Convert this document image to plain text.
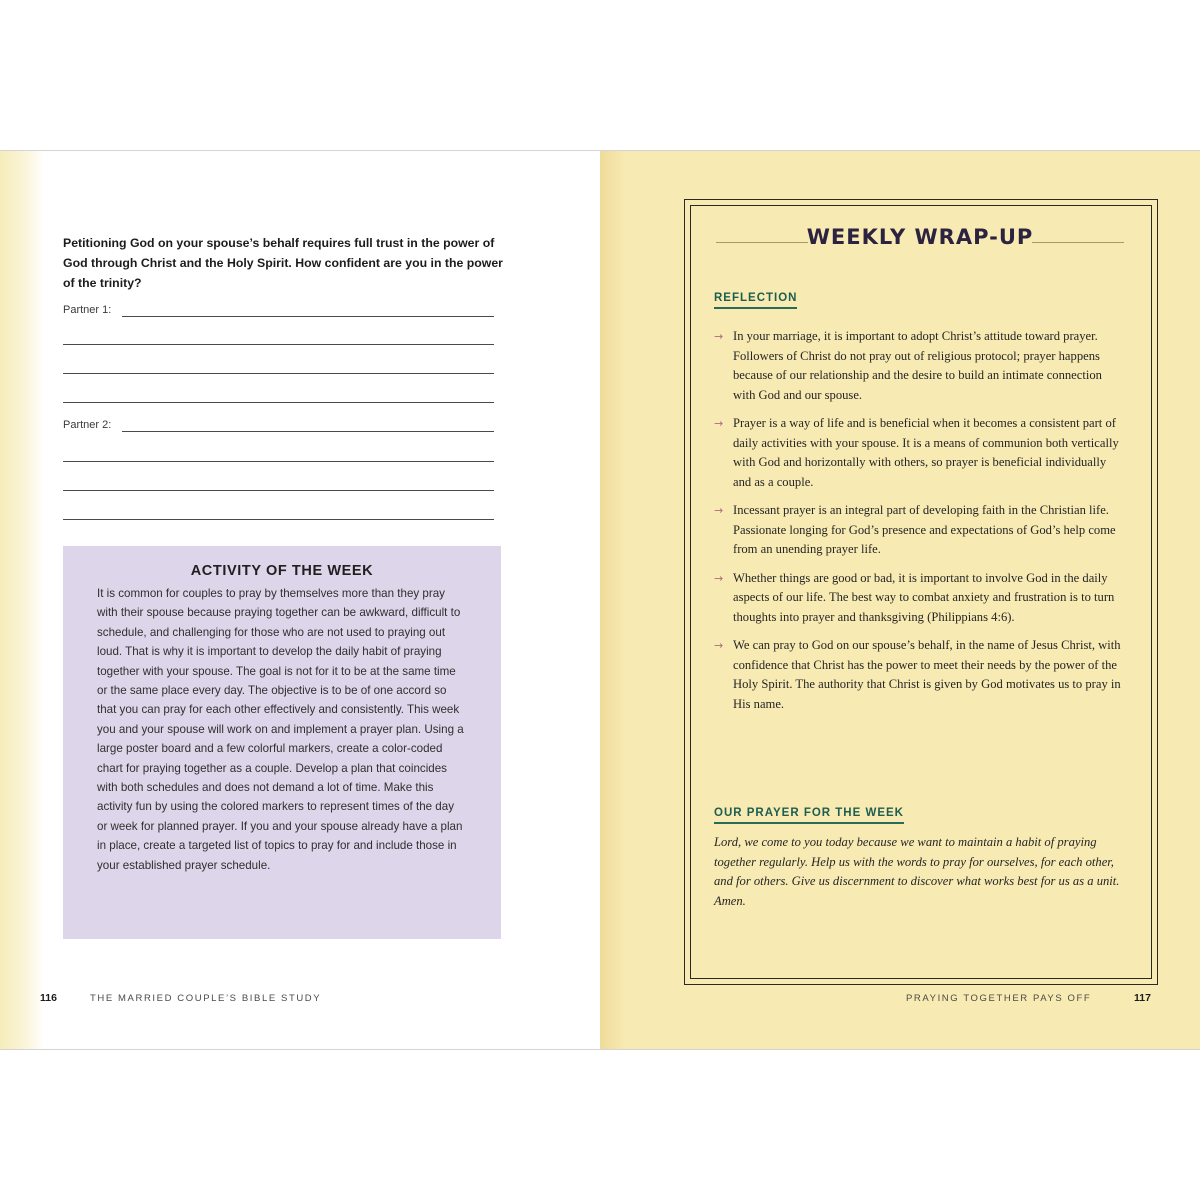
Petitioning God on your spouse’s behalf requires full trust in the power of God through Christ and the Holy Spirit. How confident are you in the power of the trinity?

Partner 1:
Partner 2:
ACTIVITY OF THE WEEK

It is common for couples to pray by themselves more than they pray with their spouse because praying together can be awkward, difficult to schedule, and challenging for those who are not used to praying out loud. That is why it is important to develop the daily habit of praying together with your spouse. The goal is not for it to be at the same time or the same place every day. The objective is to be of one accord so that you can pray for each other effectively and consistently. This week you and your spouse will work on and implement a prayer plan. Using a large poster board and a few colorful markers, create a color-coded chart for praying together as a couple. Develop a plan that coincides with both schedules and does not demand a lot of time. Make this activity fun by using the colored markers to represent times of the day or week for planned prayer. If you and your spouse already have a plan in place, create a targeted list of topics to pray for and include those in your established prayer schedule.

116	THE MARRIED COUPLE’S BIBLE STUDY
WEEKLY WRAP-UP
REFLECTION
→ In your marriage, it is important to adopt Christ’s attitude toward prayer. Followers of Christ do not pray out of religious protocol; prayer happens because of our relationship and the desire to build an intimate connection with God and our spouse.
→ Prayer is a way of life and is beneficial when it becomes a consistent part of daily activities with your spouse. It is a means of communion both vertically with God and horizontally with others, so prayer is beneficial individually and as a couple.
→ Incessant prayer is an integral part of developing faith in the Christian life. Passionate longing for God’s presence and expectations of God’s help come from an unending prayer life.
→ Whether things are good or bad, it is important to involve God in the daily aspects of our life. The best way to combat anxiety and frustration is to turn thoughts into prayer and thanksgiving (Philippians 4:6).
→ We can pray to God on our spouse’s behalf, in the name of Jesus Christ, with confidence that Christ has the power to meet their needs by the power of the Holy Spirit. The authority that Christ is given by God motivates us to pray in His name.
OUR PRAYER FOR THE WEEK

Lord, we come to you today because we want to maintain a habit of praying together regularly. Help us with the words to pray for ourselves, for each other, and for others. Give us discernment to discover what works best for us as a unit. Amen.

PRAYING TOGETHER PAYS OFF	117
